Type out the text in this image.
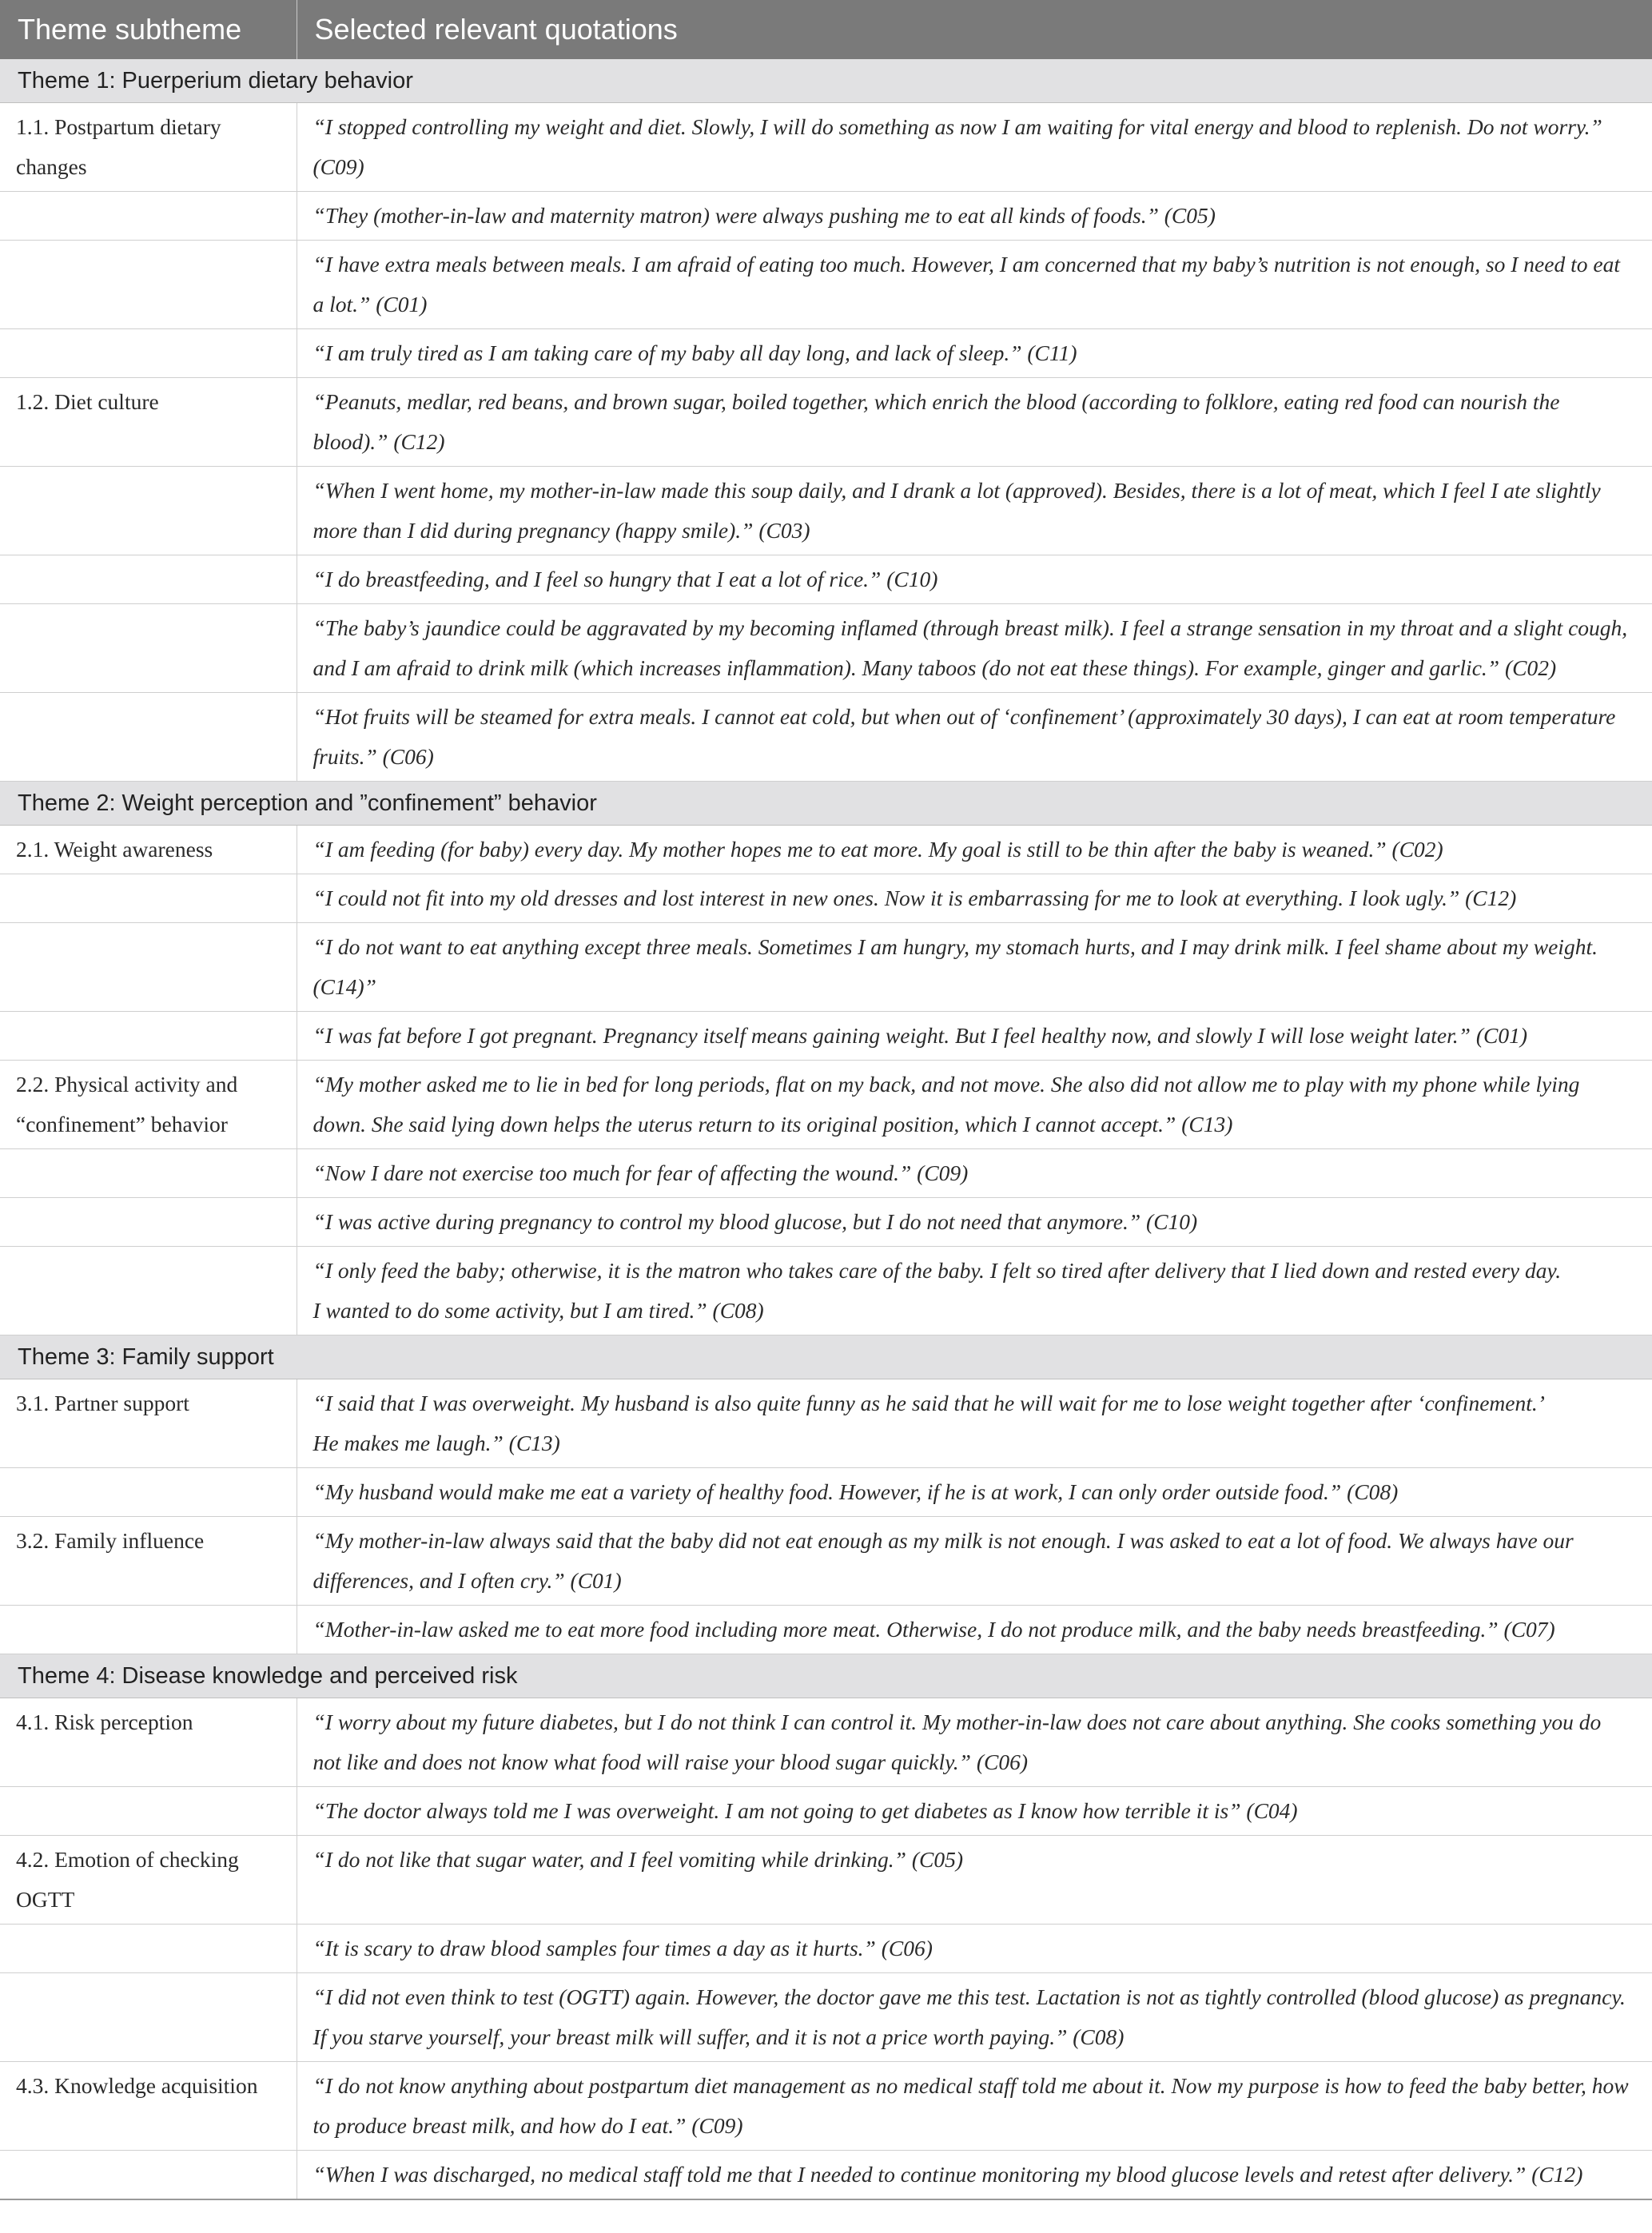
Theme subtheme	Selected relevant quotations
Theme 1: Puerperium dietary behavior	
1.1. Postpartum dietary changes	“I stopped controlling my weight and diet. Slowly, I will do something as now I am waiting for vital energy and blood to replenish. Do not worry.” (C09)
	“They (mother-in-law and maternity matron) were always pushing me to eat all kinds of foods.” (C05)
	“I have extra meals between meals. I am afraid of eating too much. However, I am concerned that my baby’s nutrition is not enough, so I need to eat a lot.” (C01)
	“I am truly tired as I am taking care of my baby all day long, and lack of sleep.” (C11)
1.2. Diet culture	“Peanuts, medlar, red beans, and brown sugar, boiled together, which enrich the blood (according to folklore, eating red food can nourish the blood).” (C12)
	“When I went home, my mother-in-law made this soup daily, and I drank a lot (approved). Besides, there is a lot of meat, which I feel I ate slightly more than I did during pregnancy (happy smile).” (C03)
	“I do breastfeeding, and I feel so hungry that I eat a lot of rice.” (C10)
	“The baby’s jaundice could be aggravated by my becoming inflamed (through breast milk). I feel a strange sensation in my throat and a slight cough, and I am afraid to drink milk (which increases inflammation). Many taboos (do not eat these things). For example, ginger and garlic.” (C02)
	“Hot fruits will be steamed for extra meals. I cannot eat cold, but when out of ‘confinement’ (approximately 30 days), I can eat at room temperature fruits.” (C06)
Theme 2: Weight perception and ”confinement” behavior	
2.1. Weight awareness	“I am feeding (for baby) every day. My mother hopes me to eat more. My goal is still to be thin after the baby is weaned.” (C02)
	“I could not fit into my old dresses and lost interest in new ones. Now it is embarrassing for me to look at everything. I look ugly.” (C12)
	“I do not want to eat anything except three meals. Sometimes I am hungry, my stomach hurts, and I may drink milk. I feel shame about my weight. (C14)”
	“I was fat before I got pregnant. Pregnancy itself means gaining weight. But I feel healthy now, and slowly I will lose weight later.” (C01)
2.2. Physical activity and “confinement” behavior	“My mother asked me to lie in bed for long periods, flat on my back, and not move. She also did not allow me to play with my phone while lying down. She said lying down helps the uterus return to its original position, which I cannot accept.” (C13)
	“Now I dare not exercise too much for fear of affecting the wound.” (C09)
	“I was active during pregnancy to control my blood glucose, but I do not need that anymore.” (C10)
	“I only feed the baby; otherwise, it is the matron who takes care of the baby. I felt so tired after delivery that I lied down and rested every day.
I wanted to do some activity, but I am tired.” (C08)
Theme 3: Family support	
3.1. Partner support	“I said that I was overweight. My husband is also quite funny as he said that he will wait for me to lose weight together after ‘confinement.’
He makes me laugh.” (C13)
	“My husband would make me eat a variety of healthy food. However, if he is at work, I can only order outside food.” (C08)
3.2. Family influence	“My mother-in-law always said that the baby did not eat enough as my milk is not enough. I was asked to eat a lot of food. We always have our differences, and I often cry.” (C01)
	“Mother-in-law asked me to eat more food including more meat. Otherwise, I do not produce milk, and the baby needs breastfeeding.” (C07)
Theme 4: Disease knowledge and perceived risk	
4.1. Risk perception	“I worry about my future diabetes, but I do not think I can control it. My mother-in-law does not care about anything. She cooks something you do not like and does not know what food will raise your blood sugar quickly.” (C06)
	“The doctor always told me I was overweight. I am not going to get diabetes as I know how terrible it is” (C04)
4.2. Emotion of checking OGTT	“I do not like that sugar water, and I feel vomiting while drinking.” (C05)
	“It is scary to draw blood samples four times a day as it hurts.” (C06)
	“I did not even think to test (OGTT) again. However, the doctor gave me this test. Lactation is not as tightly controlled (blood glucose) as pregnancy. If you starve yourself, your breast milk will suffer, and it is not a price worth paying.” (C08)
4.3. Knowledge acquisition	“I do not know anything about postpartum diet management as no medical staff told me about it. Now my purpose is how to feed the baby better, how to produce breast milk, and how do I eat.” (C09)
	“When I was discharged, no medical staff told me that I needed to continue monitoring my blood glucose levels and retest after delivery.” (C12)
